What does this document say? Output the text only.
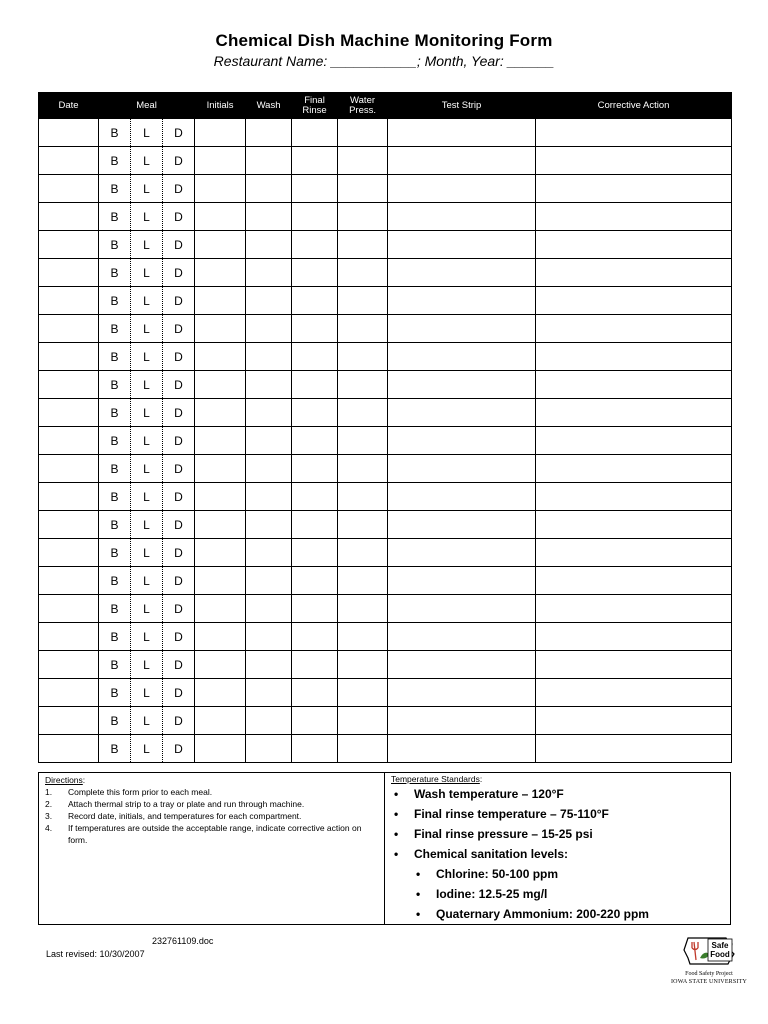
Chemical Dish Machine Monitoring Form
Restaurant Name: ___________; Month, Year: ______
Date	Meal			Initials	Wash	Final Rinse	Water Press.	Test Strip	Corrective Action
	B	L	D						
	B	L	D						
	B	L	D						
	B	L	D						
	B	L	D						
	B	L	D						
	B	L	D						
	B	L	D						
	B	L	D						
	B	L	D						
	B	L	D						
	B	L	D						
	B	L	D						
	B	L	D						
	B	L	D						
	B	L	D						
	B	L	D						
	B	L	D						
	B	L	D						
	B	L	D						
	B	L	D						
	B	L	D						
	B	L	D						
Directions:
1.	Complete this form prior to each meal.
2.	Attach thermal strip to a tray or plate and run through machine.
3.	Record date, initials, and temperatures for each compartment.
4.	If temperatures are outside the acceptable range, indicate corrective action on form.
Temperature Standards:
•	Wash temperature – 120°F
•	Final rinse temperature – 75-110°F
•	Final rinse pressure – 15-25 psi
•	Chemical sanitation levels:
•	Chlorine: 50-100 ppm
•	Iodine: 12.5-25 mg/l
•	Quaternary Ammonium: 200-220 ppm
232761109.doc
Last revised: 10/30/2007
Safe
Food
Food Safety Project
IOWA STATE UNIVERSITY
